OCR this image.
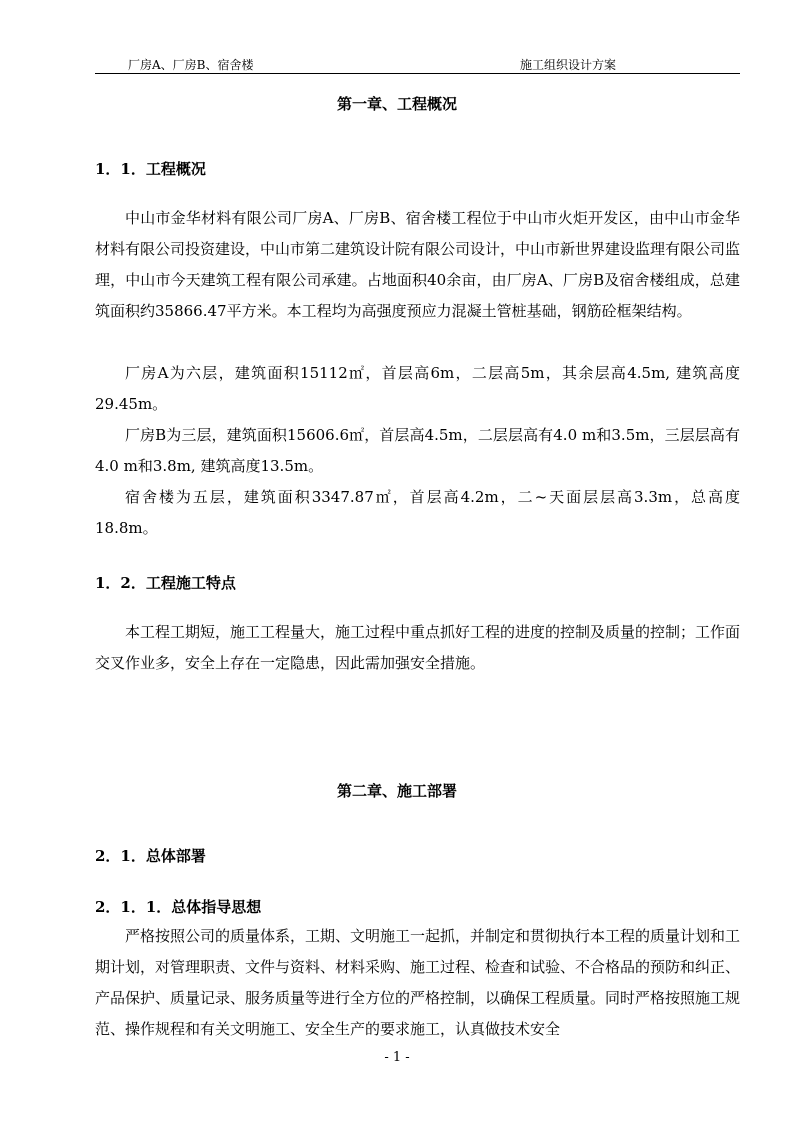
厂房A、厂房B、宿舍楼	施工组织设计方案
第一章、工程概况
1．1．工程概况

中山市金华材料有限公司厂房A、厂房B、宿舍楼工程位于中山市火炬开发区，由中山市金华材料有限公司投资建设，中山市第二建筑设计院有限公司设计，中山市新世界建设监理有限公司监理，中山市今天建筑工程有限公司承建。占地面积40余亩，由厂房A、厂房B及宿舍楼组成，总建筑面积约35866.47平方米。本工程均为高强度预应力混凝土管桩基础，钢筋砼框架结构。

厂房A为六层，建筑面积15112㎡，首层高6m，二层高5m，其余层高4.5m, 建筑高度29.45m。

厂房B为三层，建筑面积15606.6㎡，首层高4.5m，二层层高有4.0 m和3.5m，三层层高有4.0 m和3.8m, 建筑高度13.5m。

宿舍楼为五层，建筑面积3347.87㎡，首层高4.2m，二~天面层层高3.3m，总高度18.8m。

1．2．工程施工特点

本工程工期短，施工工程量大，施工过程中重点抓好工程的进度的控制及质量的控制；工作面交叉作业多，安全上存在一定隐患，因此需加强安全措施。

第二章、施工部署
2．1．总体部署
2．1．1．总体指导思想

严格按照公司的质量体系，工期、文明施工一起抓，并制定和贯彻执行本工程的质量计划和工期计划，对管理职责、文件与资料、材料采购、施工过程、检查和试验、不合格品的预防和纠正、产品保护、质量记录、服务质量等进行全方位的严格控制，以确保工程质量。同时严格按照施工规范、操作规程和有关文明施工、安全生产的要求施工，认真做技术安全

- 1 -
